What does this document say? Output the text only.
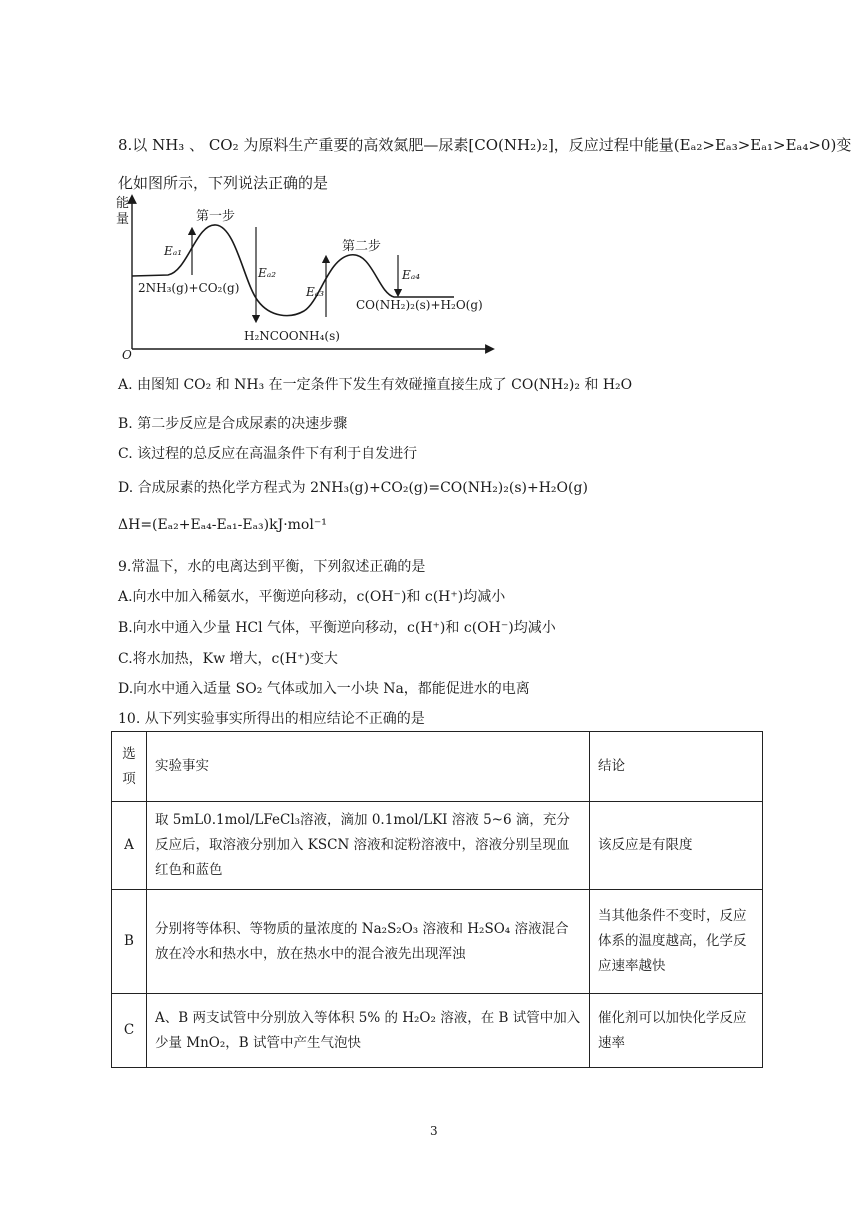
8.以 NH₃ 、 CO₂ 为原料生产重要的高效氮肥—尿素[CO(NH₂)₂]，反应过程中能量(Eₐ₂>Eₐ₃>Eₐ₁>Eₐ₄>0)变
化如图所示，下列说法正确的是
能
量
O
Eₐ₁
Eₐ₂
Eₐ₃
Eₐ₄
第一步
第二步
2NH₃(g)+CO₂(g)
H₂NCOONH₄(s)
CO(NH₂)₂(s)+H₂O(g)
A. 由图知 CO₂ 和 NH₃ 在一定条件下发生有效碰撞直接生成了 CO(NH₂)₂ 和 H₂O
B. 第二步反应是合成尿素的决速步骤
C. 该过程的总反应在高温条件下有利于自发进行
D. 合成尿素的热化学方程式为 2NH₃(g)+CO₂(g)=CO(NH₂)₂(s)+H₂O(g)
ΔH=(Eₐ₂+Eₐ₄-Eₐ₁-Eₐ₃)kJ·mol⁻¹
9.常温下，水的电离达到平衡，下列叙述正确的是
A.向水中加入稀氨水，平衡逆向移动，c(OH⁻)和 c(H⁺)均减小
B.向水中通入少量 HCl 气体，平衡逆向移动，c(H⁺)和 c(OH⁻)均减小
C.将水加热，Kw 增大，c(H⁺)变大
D.向水中通入适量 SO₂ 气体或加入一小块 Na，都能促进水的电离
10. 从下列实验事实所得出的相应结论不正确的是
选项	实验事实	结论
A	取 5mL0.1mol/LFeCl₃溶液，滴加 0.1mol/LKI 溶液 5~6 滴，充分反应后，取溶液分别加入 KSCN 溶液和淀粉溶液中，溶液分别呈现血红色和蓝色	该反应是有限度
B	分别将等体积、等物质的量浓度的 Na₂S₂O₃ 溶液和 H₂SO₄ 溶液混合放在冷水和热水中，放在热水中的混合液先出现浑浊	当其他条件不变时，反应体系的温度越高，化学反应速率越快
C	A、B 两支试管中分别放入等体积 5% 的 H₂O₂ 溶液，在 B 试管中加入少量 MnO₂，B 试管中产生气泡快	催化剂可以加快化学反应速率
3
